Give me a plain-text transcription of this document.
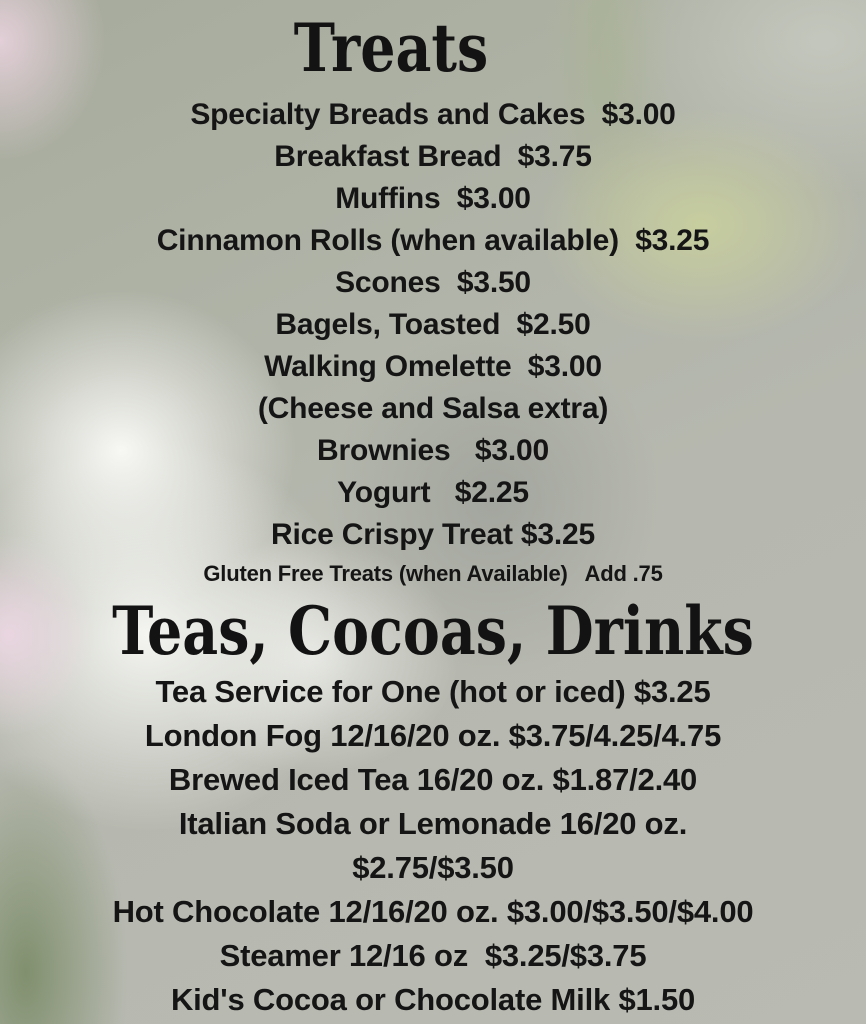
Treats
Specialty Breads and Cakes  $3.00
Breakfast Bread  $3.75
Muffins  $3.00
Cinnamon Rolls (when available)  $3.25
Scones  $3.50
Bagels, Toasted  $2.50
Walking Omelette  $3.00
(Cheese and Salsa extra)
Brownies   $3.00
Yogurt   $2.25
Rice Crispy Treat $3.25
Gluten Free Treats (when Available)   Add .75
Teas, Cocoas, Drinks
Tea Service for One (hot or iced) $3.25
London Fog 12/16/20 oz. $3.75/4.25/4.75
Brewed Iced Tea 16/20 oz. $1.87/2.40
Italian Soda or Lemonade 16/20 oz.
$2.75/$3.50
Hot Chocolate 12/16/20 oz. $3.00/$3.50/$4.00
Steamer 12/16 oz  $3.25/$3.75
Kid's Cocoa or Chocolate Milk $1.50
